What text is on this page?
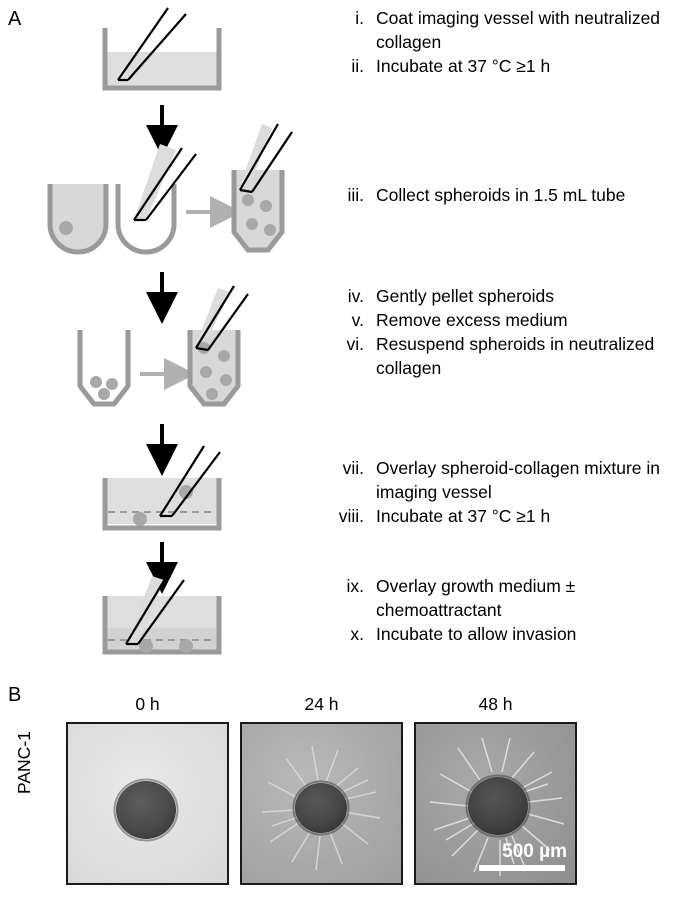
A	i. Coat imaging vessel with neutralized collagen
ii. Incubate at 37 °C ≥1 h
iii. Collect spheroids in 1.5 mL tube
iv. Gently pellet spheroids
v. Remove excess medium
vi. Resuspend spheroids in neutralized collagen
vii. Overlay spheroid-collagen mixture in imaging vessel
viii. Incubate at 37 °C ≥1 h
ix. Overlay growth medium ± chemoattractant
x. Incubate to allow invasion
B
PANC-1
0 h	24 h	48 h
500 µm
